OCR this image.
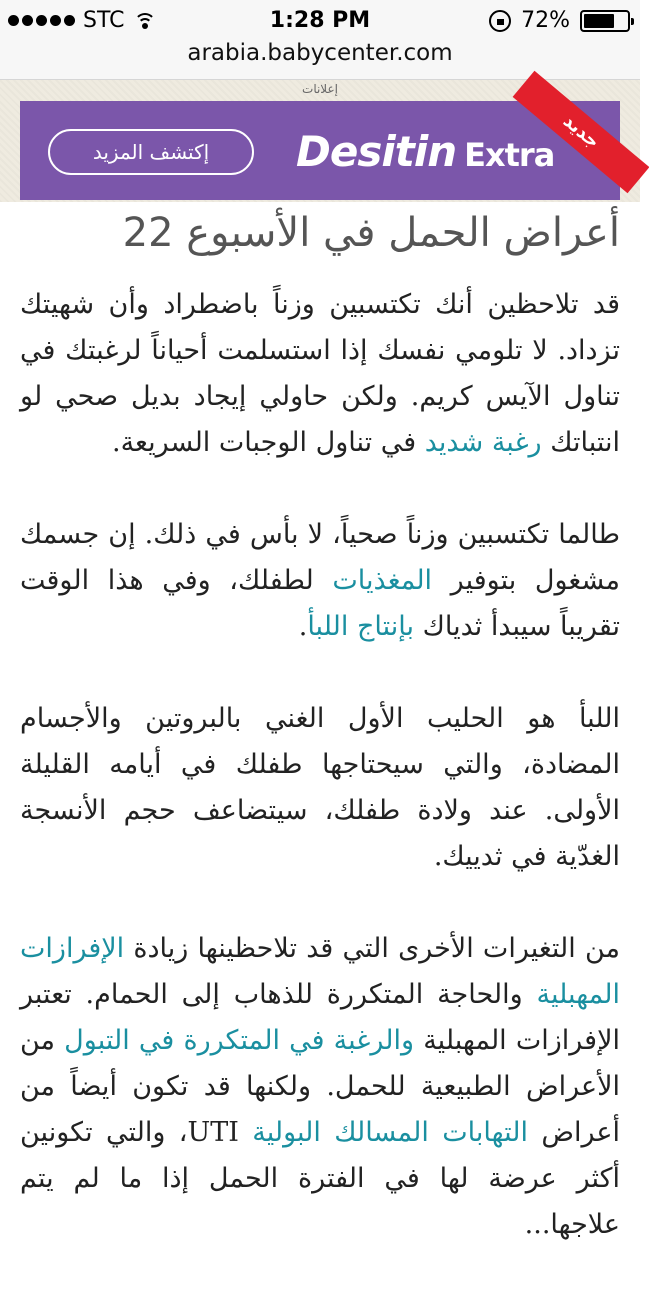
STC	1:28 PM	72%
arabia.babycenter.com
إعلانات
إكتشف المزيد	Desitin Extra
جديد
أعراض الحمل في الأسبوع 22

قد تلاحظين أنك تكتسبين وزناً باضطراد وأن شهيتك تزداد. لا تلومي نفسك إذا استسلمت أحياناً لرغبتك في تناول الآيس كريم. ولكن حاولي إيجاد بديل صحي لو انتباتك رغبة شديد في تناول الوجبات السريعة.

طالما تكتسبين وزناً صحياً، لا بأس في ذلك. إن جسمك مشغول بتوفير المغذيات لطفلك، وفي هذا الوقت تقريباً سيبدأ ثدياك بإنتاج اللبأ.

اللبأ هو الحليب الأول الغني بالبروتين والأجسام المضادة، والتي سيحتاجها طفلك في أيامه القليلة الأولى. عند ولادة طفلك، سيتضاعف حجم الأنسجة الغدّية في ثدييك.

من التغيرات الأخرى التي قد تلاحظينها زيادة الإفرازات المهبلية والحاجة المتكررة للذهاب إلى الحمام. تعتبر الإفرازات المهبلية والرغبة في المتكررة في التبول من الأعراض الطبيعية للحمل. ولكنها قد تكون أيضاً من أعراض التهابات المسالك البولية UTI، والتي تكونين أكثر عرضة لها في الفترة الحمل إذا ما لم يتم علاجها...
